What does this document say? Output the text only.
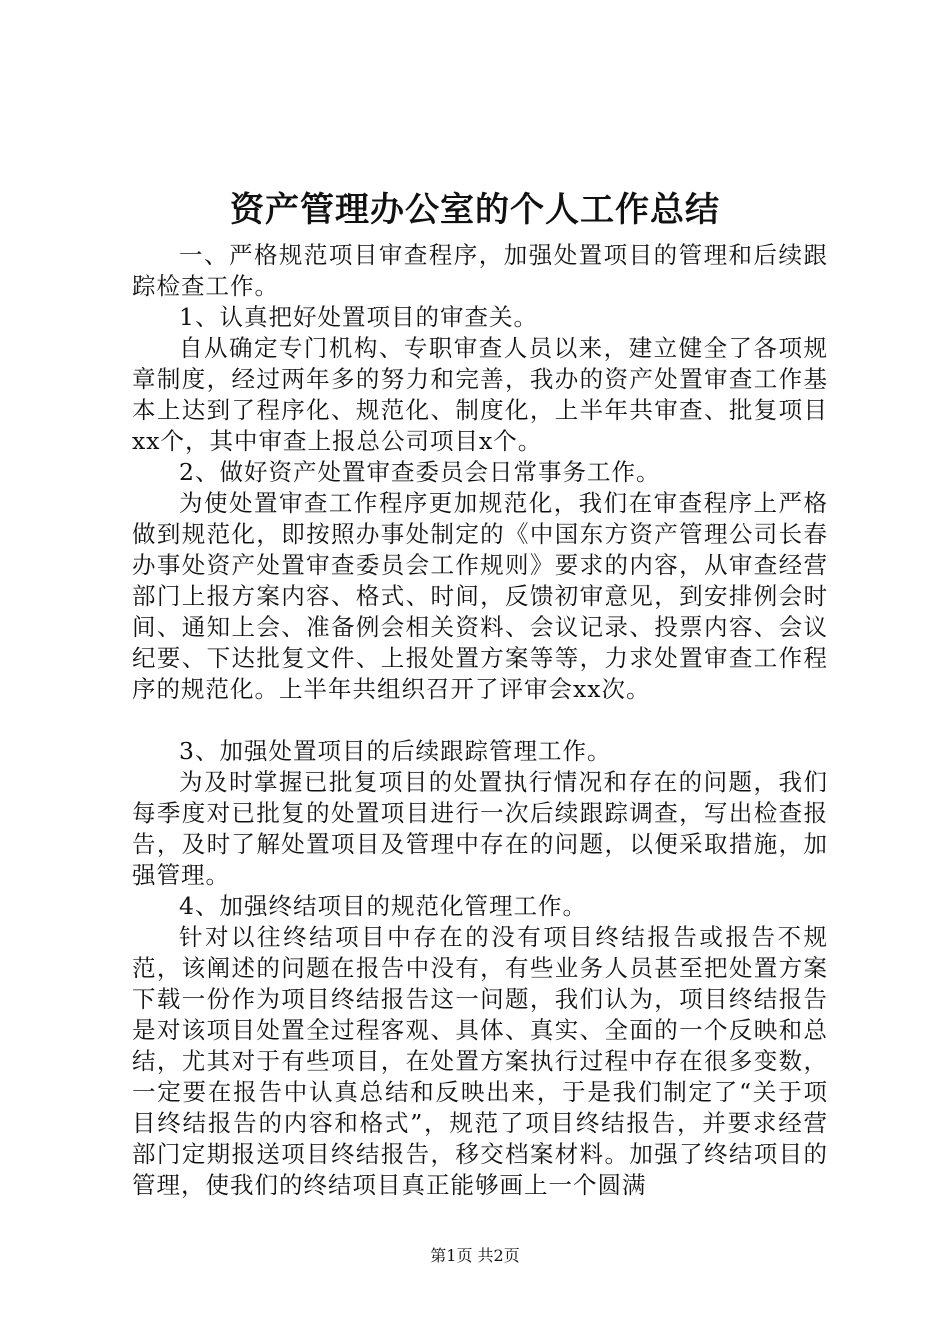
资产管理办公室的个人工作总结

一、严格规范项目审查程序，加强处置项目的管理和后续跟踪检查工作。

1、认真把好处置项目的审查关。

自从确定专门机构、专职审查人员以来，建立健全了各项规章制度，经过两年多的努力和完善，我办的资产处置审查工作基本上达到了程序化、规范化、制度化，上半年共审查、批复项目xx个，其中审查上报总公司项目x个。

2、做好资产处置审查委员会日常事务工作。

为使处置审查工作程序更加规范化，我们在审查程序上严格做到规范化，即按照办事处制定的《中国东方资产管理公司长春办事处资产处置审查委员会工作规则》要求的内容，从审查经营部门上报方案内容、格式、时间，反馈初审意见，到安排例会时间、通知上会、准备例会相关资料、会议记录、投票内容、会议纪要、下达批复文件、上报处置方案等等，力求处置审查工作程序的规范化。上半年共组织召开了评审会xx次。

3、加强处置项目的后续跟踪管理工作。

为及时掌握已批复项目的处置执行情况和存在的问题，我们每季度对已批复的处置项目进行一次后续跟踪调查，写出检查报告，及时了解处置项目及管理中存在的问题，以便采取措施，加强管理。

4、加强终结项目的规范化管理工作。

针对以往终结项目中存在的没有项目终结报告或报告不规范，该阐述的问题在报告中没有，有些业务人员甚至把处置方案下载一份作为项目终结报告这一问题，我们认为，项目终结报告是对该项目处置全过程客观、具体、真实、全面的一个反映和总结，尤其对于有些项目，在处置方案执行过程中存在很多变数，一定要在报告中认真总结和反映出来，于是我们制定了“关于项目终结报告的内容和格式”，规范了项目终结报告，并要求经营部门定期报送项目终结报告，移交档案材料。加强了终结项目的管理，使我们的终结项目真正能够画上一个圆满

第1页 共2页
